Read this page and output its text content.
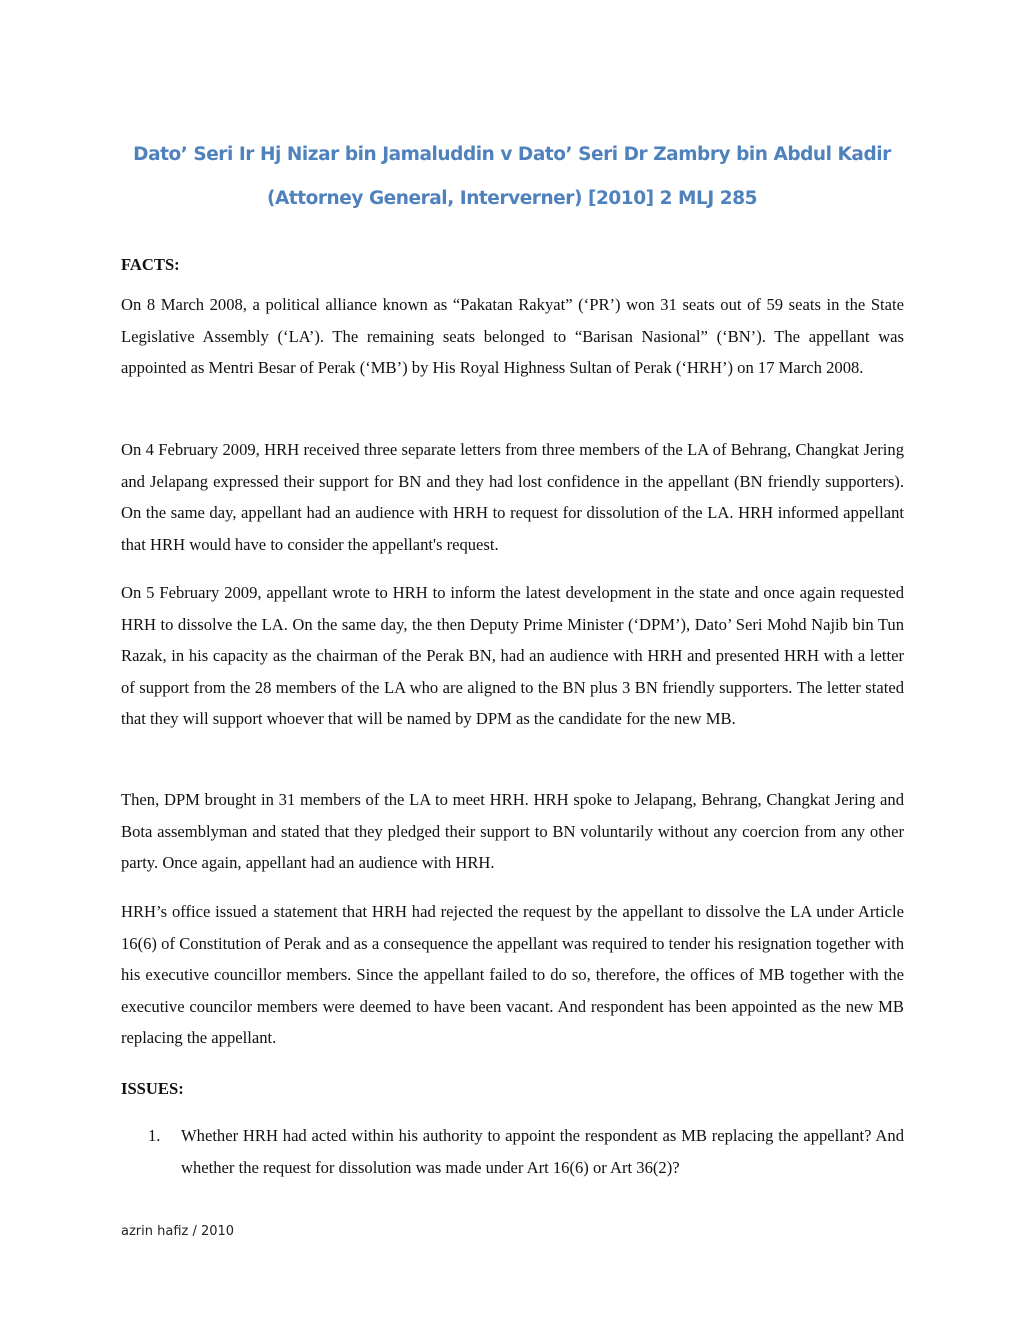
Dato’ Seri Ir Hj Nizar bin Jamaluddin v Dato’ Seri Dr Zambry bin Abdul Kadir
(Attorney General, Interverner) [2010] 2 MLJ 285
FACTS:

On 8 March 2008, a political alliance known as “Pakatan Rakyat” (‘PR’) won 31 seats out of 59 seats in the State Legislative Assembly (‘LA’). The remaining seats belonged to “Barisan Nasional” (‘BN’). The appellant was appointed as Mentri Besar of Perak (‘MB’) by His Royal Highness Sultan of Perak (‘HRH’) on 17 March 2008.

On 4 February 2009, HRH received three separate letters from three members of the LA of Behrang, Changkat Jering and Jelapang expressed their support for BN and they had lost confidence in the appellant (BN friendly supporters). On the same day, appellant had an audience with HRH to request for dissolution of the LA. HRH informed appellant that HRH would have to consider the appellant's request.

On 5 February 2009, appellant wrote to HRH to inform the latest development in the state and once again requested HRH to dissolve the LA. On the same day, the then Deputy Prime Minister (‘DPM’), Dato’ Seri Mohd Najib bin Tun Razak, in his capacity as the chairman of the Perak BN, had an audience with HRH and presented HRH with a letter of support from the 28 members of the LA who are aligned to the BN plus 3 BN friendly supporters. The letter stated that they will support whoever that will be named by DPM as the candidate for the new MB.

Then, DPM brought in 31 members of the LA to meet HRH. HRH spoke to Jelapang, Behrang, Changkat Jering and Bota assemblyman and stated that they pledged their support to BN voluntarily without any coercion from any other party. Once again, appellant had an audience with HRH.

HRH’s office issued a statement that HRH had rejected the request by the appellant to dissolve the LA under Article 16(6) of Constitution of Perak and as a consequence the appellant was required to tender his resignation together with his executive councillor members. Since the appellant failed to do so, therefore, the offices of MB together with the executive councilor members were deemed to have been vacant. And respondent has been appointed as the new MB replacing the appellant.

ISSUES:
1. Whether HRH had acted within his authority to appoint the respondent as MB replacing the appellant? And whether the request for dissolution was made under Art 16(6) or Art 36(2)?

azrin hafiz / 2010
